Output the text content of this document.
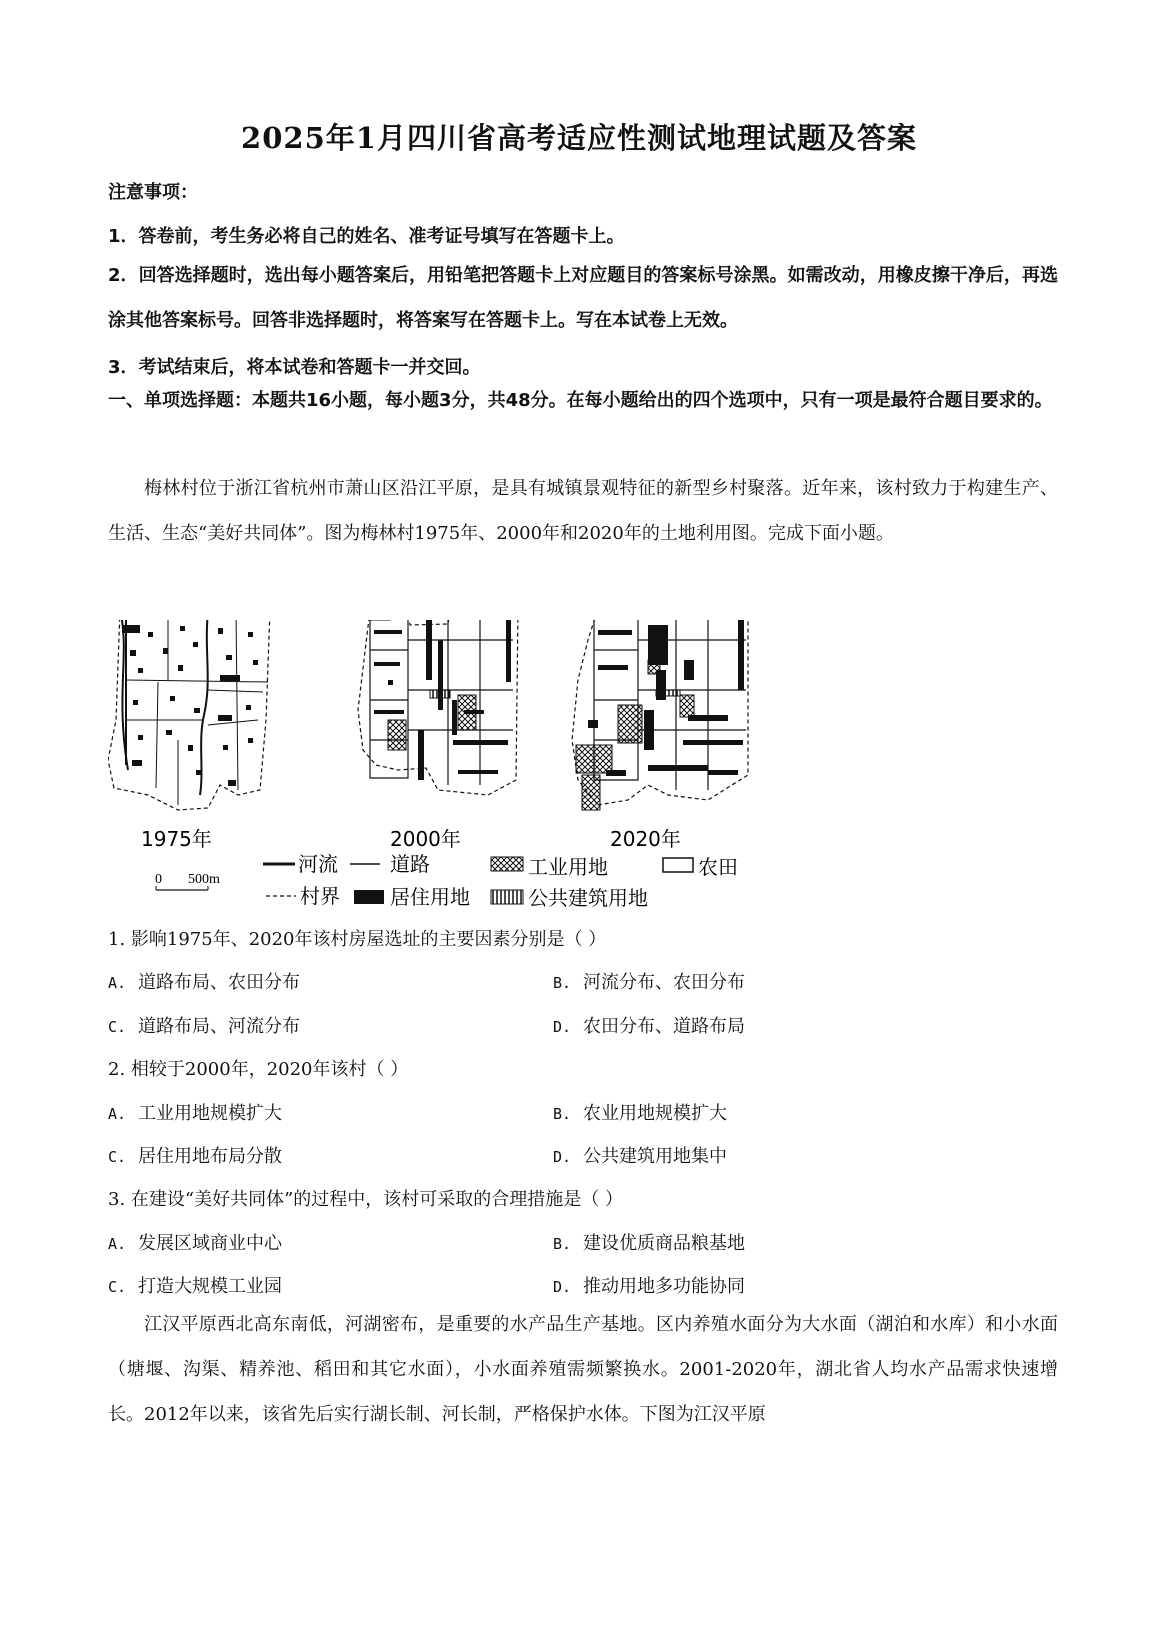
2025年1月四川省高考适应性测试地理试题及答案
注意事项：
1．答卷前，考生务必将自己的姓名、准考证号填写在答题卡上。

2．回答选择题时，选出每小题答案后，用铅笔把答题卡上对应题目的答案标号涂黑。如需改动，用橡皮擦干净后，再选涂其他答案标号。回答非选择题时，将答案写在答题卡上。写在本试卷上无效。

3．考试结束后，将本试卷和答题卡一并交回。

一、单项选择题：本题共16小题，每小题3分，共48分。在每小题给出的四个选项中，只有一项是最符合题目要求的。

梅林村位于浙江省杭州市萧山区沿江平原，是具有城镇景观特征的新型乡村聚落。近年来，该村致力于构建生产、生活、生态“美好共同体”。图为梅林村1975年、2000年和2020年的土地利用图。完成下面小题。

1975年	2000年	2020年
河流	道路	工业用地	农田
0 500m
村界	居住用地	公共建筑用地
1. 影响1975年、2020年该村房屋选址的主要因素分别是（ ）
A. 道路布局、农田分布	B. 河流分布、农田分布
C. 道路布局、河流分布	D. 农田分布、道路布局
2. 相较于2000年，2020年该村（ ）
A. 工业用地规模扩大	B. 农业用地规模扩大
C. 居住用地布局分散	D. 公共建筑用地集中
3. 在建设“美好共同体”的过程中，该村可采取的合理措施是（ ）
A. 发展区域商业中心	B. 建设优质商品粮基地
C. 打造大规模工业园	D. 推动用地多功能协同

江汉平原西北高东南低，河湖密布，是重要的水产品生产基地。区内养殖水面分为大水面（湖泊和水库）和小水面（塘堰、沟渠、精养池、稻田和其它水面），小水面养殖需频繁换水。2001-2020年，湖北省人均水产品需求快速增长。2012年以来，该省先后实行湖长制、河长制，严格保护水体。下图为江汉平原
